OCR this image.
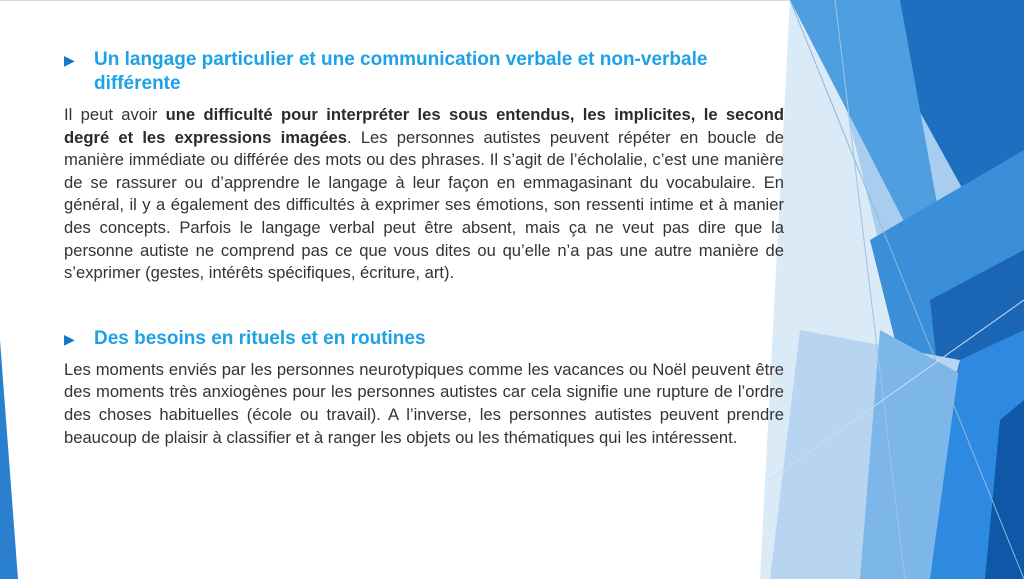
▶	Un langage particulier et une communication verbale et non-verbale différente

Il peut avoir une difficulté pour interpréter les sous entendus, les implicites, le second degré et les expressions imagées. Les personnes autistes peuvent répéter en boucle de manière immédiate ou différée des mots ou des phrases. Il s’agit de l’écholalie, c’est une manière de se rassurer ou d’apprendre le langage à leur façon en emmagasinant du vocabulaire. En général, il y a également des difficultés à exprimer ses émotions, son ressenti intime et à manier des concepts. Parfois le langage verbal peut être absent, mais ça ne veut pas dire que la personne autiste ne comprend pas ce que vous dites ou qu’elle n’a pas une autre manière de s’exprimer (gestes, intérêts spécifiques, écriture, art).

▶	Des besoins en rituels et en routines

Les moments enviés par les personnes neurotypiques comme les vacances ou Noël peuvent être des moments très anxiogènes pour les personnes autistes car cela signifie une rupture de l’ordre des choses habituelles (école ou travail). A l’inverse, les personnes autistes peuvent prendre beaucoup de plaisir à classifier et à ranger les objets ou les thématiques qui les intéressent.
